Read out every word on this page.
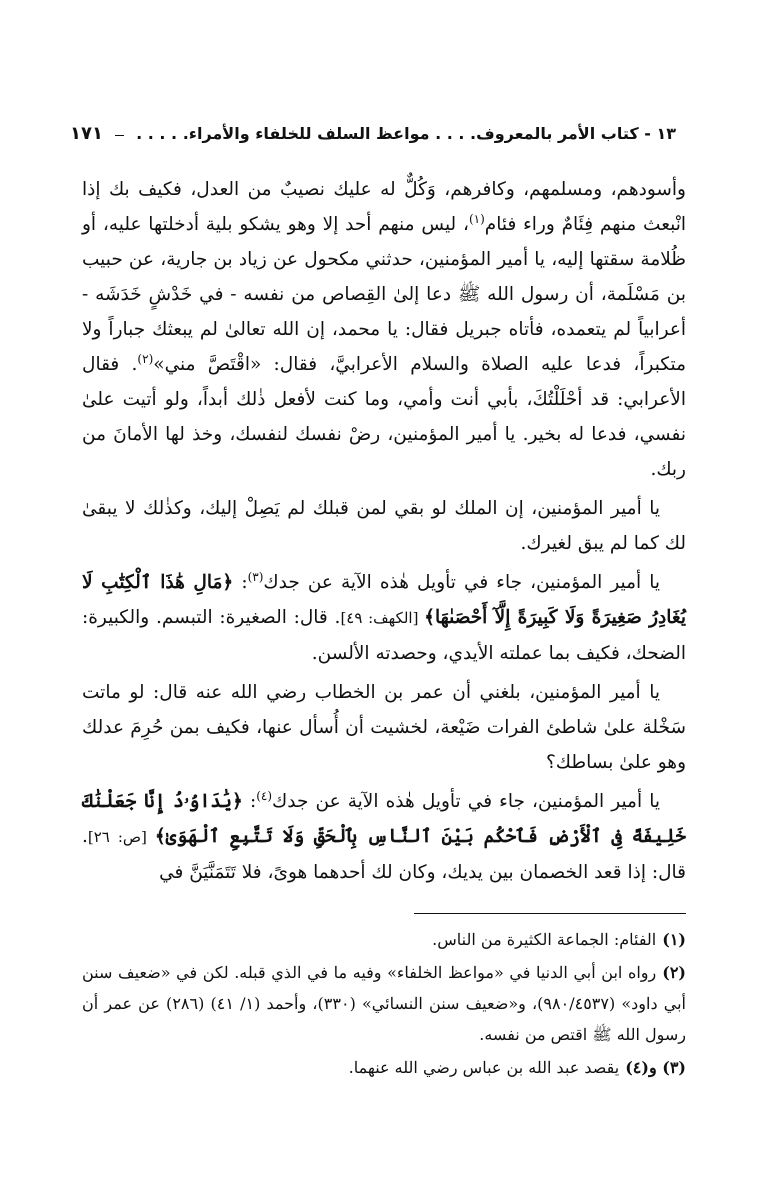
١٣ - كتاب الأمر بالمعروف. . . . مواعظ السلف للخلفاء والأمراء. . . . .
١٧١

وأسودهم، ومسلمهم، وكافرهم، وَكُلٌّ له عليك نصيبٌ من العدل، فكيف بك إذا انْبعث منهم فِئَامٌ وراء فئام$^{(١)}$، ليس منهم أحد إلا وهو يشكو بلية أدخلتها عليه، أو ظُلامة سقتها إليه، يا أمير المؤمنين، حدثني مكحول عن زياد بن جارية، عن حبيب بن مَسْلَمة، أن رسول الله ﷺ دعا إلىٰ القِصاص من نفسه - في خَدْشٍ خَدَشَه - أعرابياً لم يتعمده، فأتاه جبريل فقال: يا محمد، إن الله تعالىٰ لم يبعثك جباراً ولا متكبراً، فدعا عليه الصلاة والسلام الأعرابيَّ، فقال: «اقْتَصَّ مني»$^{(٢)}$. فقال الأعرابي: قد أحْلَلْتُكَ، بأبي أنت وأمي، وما كنت لأفعل ذٰلك أبداً، ولو أتيت علىٰ نفسي، فدعا له بخير. يا أمير المؤمنين، رضْ نفسك لنفسك، وخذ لها الأمانَ من ربك.

يا أمير المؤمنين، إن الملك لو بقي لمن قبلك لم يَصِلْ إليك، وكذٰلك لا يبقىٰ لك كما لم يبق لغيرك.

يا أمير المؤمنين، جاء في تأويل هٰذه الآية عن جدك$^{(٣)}$: ﴿مَالِ هَٰذَا ٱلْكِتَٰبِ لَا يُغَادِرُ صَغِيرَةً وَلَا كَبِيرَةً إِلَّآ أَحْصَىٰهَا﴾ [الكهف: ٤٩]. قال: الصغيرة: التبسم. والكبيرة: الضحك، فكيف بما عملته الأيدي، وحصدته الألسن.

يا أمير المؤمنين، بلغني أن عمر بن الخطاب رضي الله عنه قال: لو ماتت سَخْلة علىٰ شاطئ الفرات ضَيْعة، لخشيت أن أُسأل عنها، فكيف بمن حُرِمَ عدلك وهو علىٰ بساطك؟

يا أمير المؤمنين، جاء في تأويل هٰذه الآية عن جدك$^{(٤)}$: ﴿يَٰدَاوُۥدُ إِنَّا جَعَلْنَٰكَ خَلِيفَةً فِى ٱلْأَرْضِ فَٱحْكُم بَيْنَ ٱلنَّاسِ بِٱلْحَقِّ وَلَا تَتَّبِعِ ٱلْهَوَىٰ﴾ [ص: ٢٦]. قال: إذا قعد الخصمان بين يديك، وكان لك أحدهما هوىً، فلا تَتَمَنَّيَنَّ في

(١)الفئام: الجماعة الكثيرة من الناس.

(٢)رواه ابن أبي الدنيا في «مواعظ الخلفاء» وفيه ما في الذي قبله. لكن في «ضعيف سنن أبي داود» (٩٨٠/٤٥٣٧)، و«ضعيف سنن النسائي» (٣٣٠)، وأحمد (١/ ٤١) (٢٨٦) عن عمر أن رسول الله ﷺ اقتص من نفسه.

(٣) و(٤)يقصد عبد الله بن عباس رضي الله عنهما.
